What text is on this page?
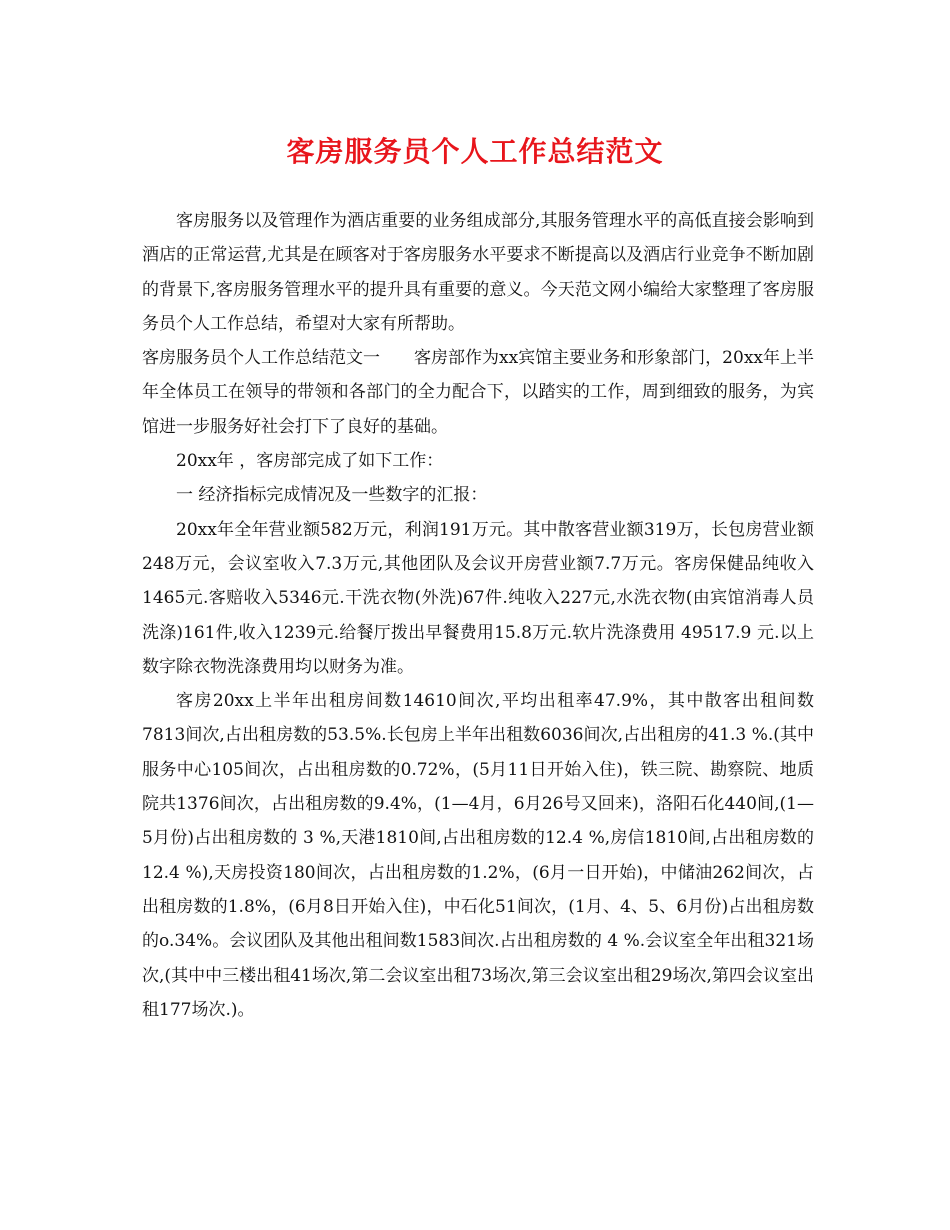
客房服务员个人工作总结范文

客房服务以及管理作为酒店重要的业务组成部分,其服务管理水平的高低直接会影响到酒店的正常运营,尤其是在顾客对于客房服务水平要求不断提高以及酒店行业竞争不断加剧的背景下,客房服务管理水平的提升具有重要的意义。今天范文网小编给大家整理了客房服务员个人工作总结，希望对大家有所帮助。

客房服务员个人工作总结范文一　　客房部作为xx宾馆主要业务和形象部门，20xx年上半年全体员工在领导的带领和各部门的全力配合下，以踏实的工作，周到细致的服务，为宾馆进一步服务好社会打下了良好的基础。

20xx年 ，客房部完成了如下工作：

一 经济指标完成情况及一些数字的汇报：

20xx年全年营业额582万元，利润191万元。其中散客营业额319万，长包房营业额248万元，会议室收入7.3万元,其他团队及会议开房营业额7.7万元。客房保健品纯收入1465元.客赔收入5346元.干洗衣物(外洗)67件.纯收入227元,水洗衣物(由宾馆消毒人员洗涤)161件,收入1239元.给餐厅拨出早餐费用15.8万元.软片洗涤费用 49517.9 元.以上数字除衣物洗涤费用均以财务为准。

客房20xx上半年出租房间数14610间次,平均出租率47.9%，其中散客出租间数7813间次,占出租房数的53.5%.长包房上半年出租数6036间次,占出租房的41.3 %.(其中服务中心105间次，占出租房数的0.72%，(5月11日开始入住)，铁三院、勘察院、地质院共1376间次，占出租房数的9.4%，(1—4月，6月26号又回来)，洛阳石化440间,(1—5月份)占出租房数的 3 %,天港1810间,占出租房数的12.4 %,房信1810间,占出租房数的 12.4 %),天房投资180间次，占出租房数的1.2%，(6月一日开始)，中储油262间次，占出租房数的1.8%，(6月8日开始入住)，中石化51间次，(1月、4、5、6月份)占出租房数的o.34%。会议团队及其他出租间数1583间次.占出租房数的 4 %.会议室全年出租321场次,(其中中三楼出租41场次,第二会议室出租73场次,第三会议室出租29场次,第四会议室出租177场次.)。
